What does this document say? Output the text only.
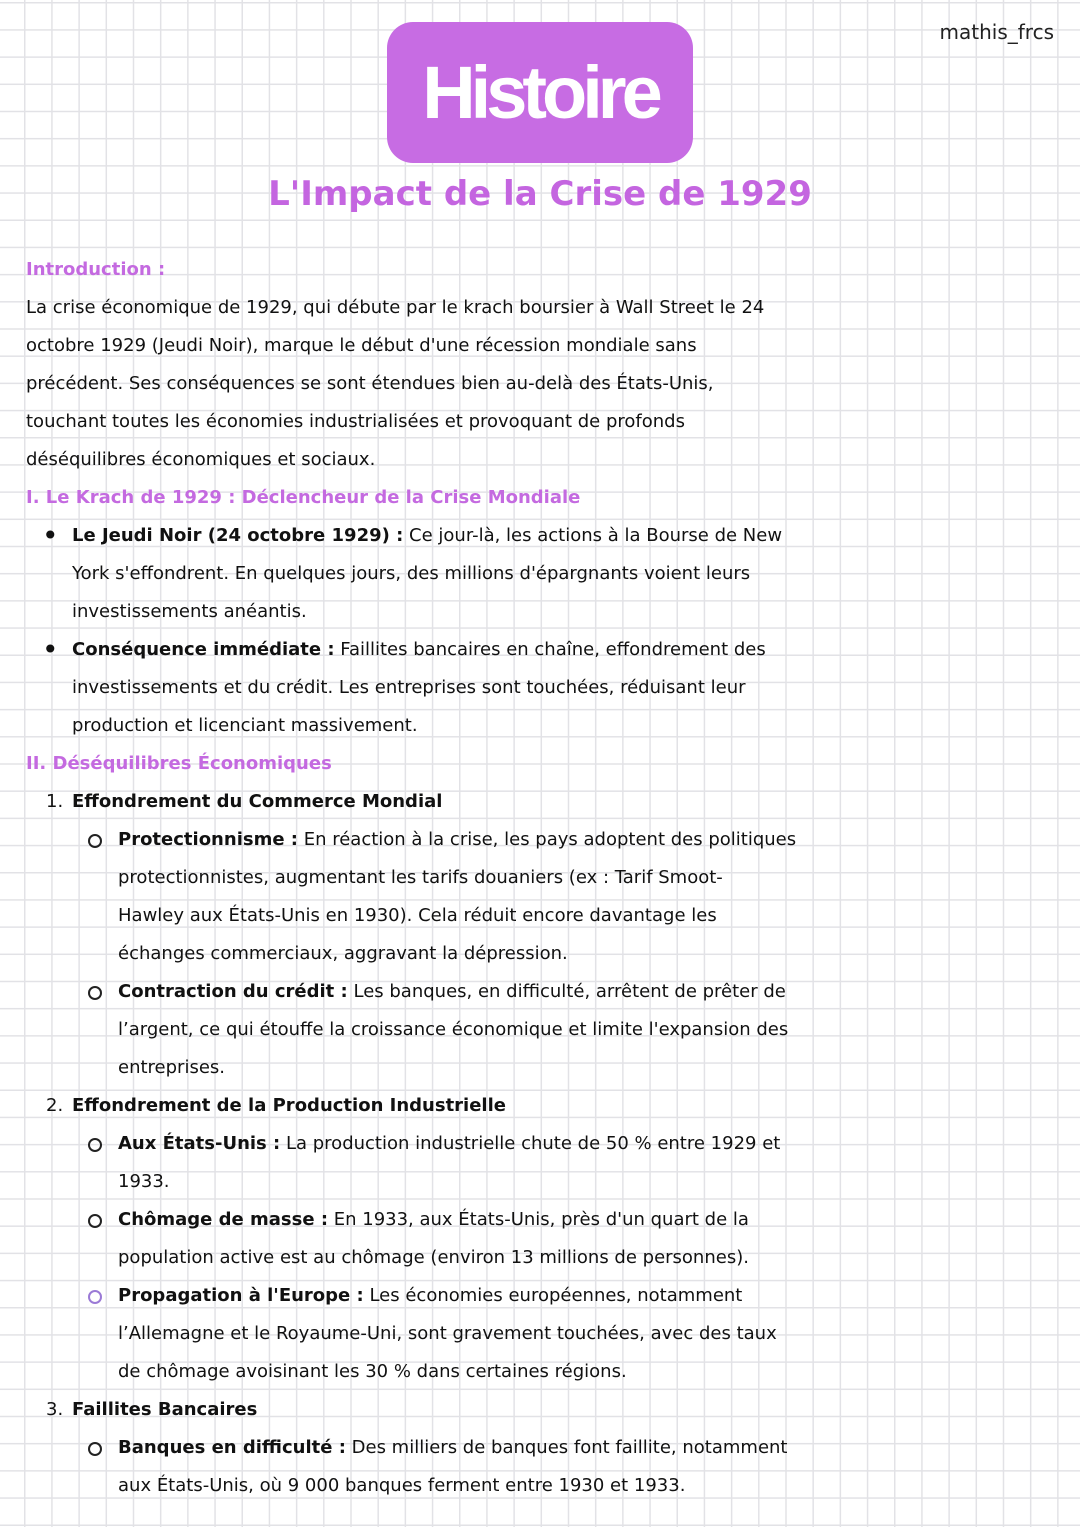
mathis_frcs
Histoire
L'Impact de la Crise de 1929
Introduction :
La crise économique de 1929, qui débute par le krach boursier à Wall Street le 24
octobre 1929 (Jeudi Noir), marque le début d'une récession mondiale sans
précédent. Ses conséquences se sont étendues bien au-delà des États-Unis,
touchant toutes les économies industrialisées et provoquant de profonds
déséquilibres économiques et sociaux.
I. Le Krach de 1929 : Déclencheur de la Crise Mondiale
• Le Jeudi Noir (24 octobre 1929) : Ce jour-là, les actions à la Bourse de New
York s'effondrent. En quelques jours, des millions d'épargnants voient leurs
investissements anéantis.
• Conséquence immédiate : Faillites bancaires en chaîne, effondrement des
investissements et du crédit. Les entreprises sont touchées, réduisant leur
production et licenciant massivement.
II. Déséquilibres Économiques
1. Effondrement du Commerce Mondial
Protectionnisme : En réaction à la crise, les pays adoptent des politiques
protectionnistes, augmentant les tarifs douaniers (ex : Tarif Smoot-
Hawley aux États-Unis en 1930). Cela réduit encore davantage les
échanges commerciaux, aggravant la dépression.
Contraction du crédit : Les banques, en difficulté, arrêtent de prêter de
l’argent, ce qui étouffe la croissance économique et limite l'expansion des
entreprises.
2. Effondrement de la Production Industrielle
Aux États-Unis : La production industrielle chute de 50 % entre 1929 et
1933.
Chômage de masse : En 1933, aux États-Unis, près d'un quart de la
population active est au chômage (environ 13 millions de personnes).
Propagation à l'Europe : Les économies européennes, notamment
l’Allemagne et le Royaume-Uni, sont gravement touchées, avec des taux
de chômage avoisinant les 30 % dans certaines régions.
3. Faillites Bancaires
Banques en difficulté : Des milliers de banques font faillite, notamment
aux États-Unis, où 9 000 banques ferment entre 1930 et 1933.
